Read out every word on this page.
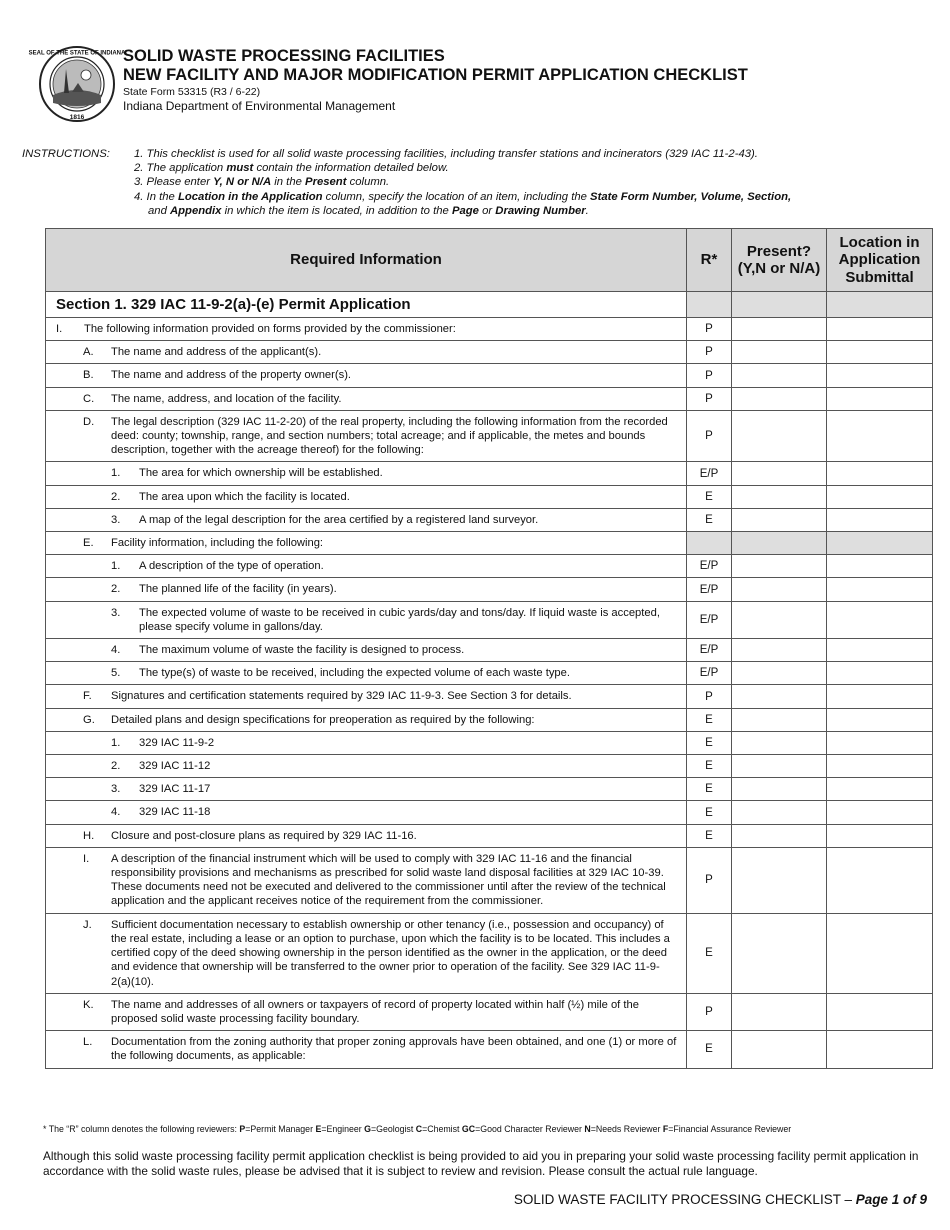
SEAL OF THE STATE OF INDIANA
1816
SOLID WASTE PROCESSING FACILITIES
NEW FACILITY AND MAJOR MODIFICATION PERMIT APPLICATION CHECKLIST
State Form 53315 (R3 / 6-22)
Indiana Department of Environmental Management
INSTRUCTIONS: 1. This checklist is used for all solid waste processing facilities, including transfer stations and incinerators (329 IAC 11-2-43).
2. The application must contain the information detailed below.
3. Please enter Y, N or N/A in the Present column.
4. In the Location in the Application column, specify the location of an item, including the State Form Number, Volume, Section,
and Appendix in which the item is located, in addition to the Page or Drawing Number.
Required Information	R*	Present? (Y,N or N/A)	Location in Application Submittal
Section 1. 329 IAC 11-9-2(a)-(e) Permit Application			

I. The following information provided on forms provided by the commissioner:	P		

A. The name and address of the applicant(s).	P		

B. The name and address of the property owner(s).	P		

C. The name, address, and location of the facility.	P		

D. The legal description (329 IAC 11-2-20) of the real property, including the following information from the recorded deed: county; township, range, and section numbers; total acreage; and if applicable, the metes and bounds description, together with the acreage thereof) for the following:	P		

1. The area for which ownership will be established.	E/P		

2. The area upon which the facility is located.	E		

3. A map of the legal description for the area certified by a registered land surveyor.	E		

E. Facility information, including the following:			

1. A description of the type of operation.	E/P		

2. The planned life of the facility (in years).	E/P		

3. The expected volume of waste to be received in cubic yards/day and tons/day. If liquid waste is accepted, please specify volume in gallons/day.	E/P		

4. The maximum volume of waste the facility is designed to process.	E/P		

5. The type(s) of waste to be received, including the expected volume of each waste type.	E/P		

F. Signatures and certification statements required by 329 IAC 11-9-3. See Section 3 for details.	P		

G. Detailed plans and design specifications for preoperation as required by the following:	E		

1. 329 IAC 11-9-2	E		

2. 329 IAC 11-12	E		

3. 329 IAC 11-17	E		

4. 329 IAC 11-18	E		

H. Closure and post-closure plans as required by 329 IAC 11-16.	E		

I. A description of the financial instrument which will be used to comply with 329 IAC 11-16 and the financial responsibility provisions and mechanisms as prescribed for solid waste land disposal facilities at 329 IAC 10-39. These documents need not be executed and delivered to the commissioner until after the review of the technical application and the applicant receives notice of the requirement from the commissioner.	P		

J. Sufficient documentation necessary to establish ownership or other tenancy (i.e., possession and occupancy) of the real estate, including a lease or an option to purchase, upon which the facility is to be located. This includes a certified copy of the deed showing ownership in the person identified as the owner in the application, or the deed and evidence that ownership will be transferred to the owner prior to operation of the facility. See 329 IAC 11-9-2(a)(10).	E		

K. The name and addresses of all owners or taxpayers of record of property located within half (½) mile of the proposed solid waste processing facility boundary.	P		

L. Documentation from the zoning authority that proper zoning approvals have been obtained, and one (1) or more of the following documents, as applicable:	E		
* The “R” column denotes the following reviewers: P=Permit Manager E=Engineer G=Geologist C=Chemist GC=Good Character Reviewer N=Needs Reviewer F=Financial Assurance Reviewer
Although this solid waste processing facility permit application checklist is being provided to aid you in preparing your solid waste processing facility permit application in accordance with the solid waste rules, please be advised that it is subject to review and revision. Please consult the actual rule language.
SOLID WASTE FACILITY PROCESSING CHECKLIST – Page 1 of 9
